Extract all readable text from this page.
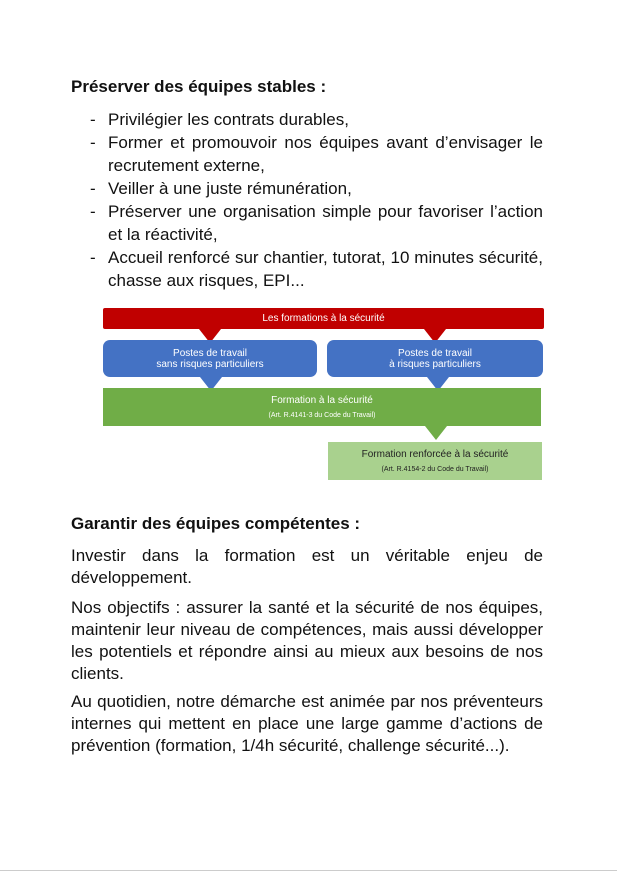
Préserver des équipes stables :
- Privilégier les contrats durables,
- Former et promouvoir nos équipes avant d’envisager le recrutement externe,
- Veiller à une juste rémunération,
- Préserver une organisation simple pour favoriser l’action et la réactivité,
- Accueil renforcé sur chantier, tutorat, 10 minutes sécurité, chasse aux risques, EPI...
Les formations à la sécurité
Postes de travail
sans risques particuliers
Postes de travail
à risques particuliers
Formation à la sécurité
(Art. R.4141-3 du Code du Travail)
Formation renforcée à la sécurité
(Art. R.4154-2 du Code du Travail)
Garantir des équipes compétentes :

Investir dans la formation est un véritable enjeu de développement.

Nos objectifs : assurer la santé et la sécurité de nos équipes, maintenir leur niveau de compétences, mais aussi développer les potentiels et répondre ainsi au mieux aux besoins de nos clients.

Au quotidien, notre démarche est animée par nos préventeurs internes qui mettent en place une large gamme d’actions de prévention (formation, 1/4h sécurité, challenge sécurité...).
